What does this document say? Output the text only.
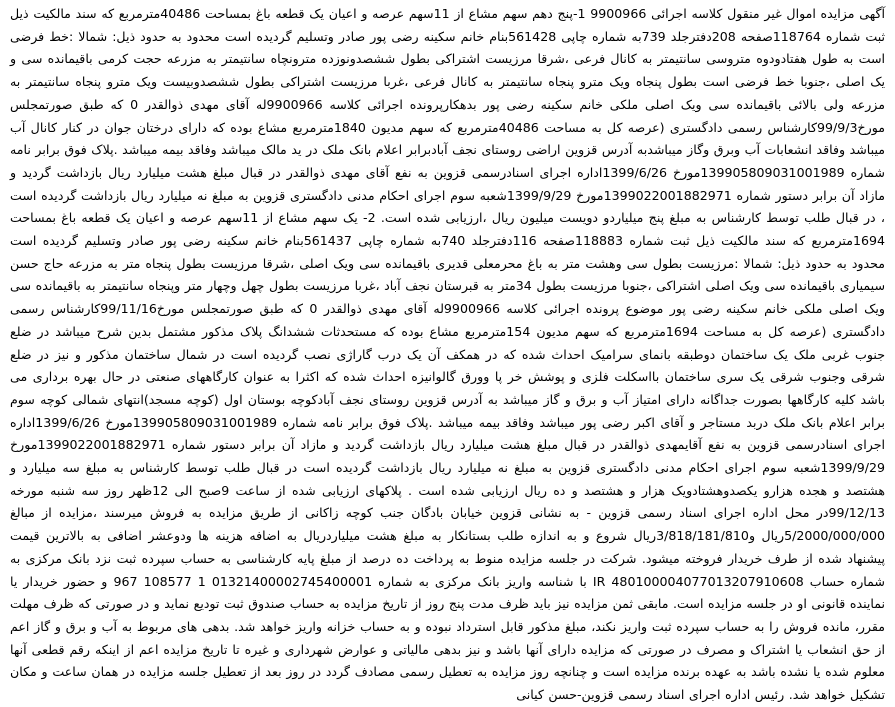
آگهی مزایده اموال غیر منقول کلاسه اجرائی 9900966 1-پنج دهم سهم مشاع از 11سهم عرصه و اعیان یک قطعه باغ بمساحت 40486مترمربع که سند مالکیت ذیل ثبت شماره 118764صفحه 208دفترجلد 739به شماره چاپی 561428بنام خانم سکینه رضی پور صادر وتسلیم گردیده است محدود به حدود ذیل: شمالا :خط فرضی است به طول هفتادودوه متروسی سانتیمتر به کانال فرعی ،شرقا مرزیست اشتراکی بطول ششصدونوزده مترونچاه سانتیمتر به مزرعه حجت کرمی باقیمانده سی و یک اصلی ،جنوبا خط فرضی است بطول پنجاه ویک مترو پنجاه سانتیمتر به کانال فرعی ،غربا مرزیست اشتراکی بطول ششصدوبیست ویک مترو پنجاه سانتیمتر به مزرعه ولی بالائی باقیمانده سی ویک اصلی ملکی خانم سکینه رضی پور بدهکارپرونده اجرائی کلاسه 9900966له آقای مهدی ذوالقدر 0 که طبق صورتمجلس مورخ99/9/3کارشناس رسمی دادگستری (عرصه کل به مساحت 40486مترمربع که سهم مدیون 1840مترمربع مشاع بوده که دارای درختان جوان در کنار کانال آب میباشد وفاقد انشعابات آب وبرق وگاز میباشدبه آدرس قزوین اراضی روستای نجف آبادبرابر اعلام بانک ملک در ید مالک میباشد وفاقد بیمه میباشد .پلاک فوق برابر نامه شماره 13990580903100198​9مورخ 1399/6/26اداره اجرای اسنادرسمی قزوین به نفع آقای مهدی ذوالقدر در قبال مبلغ هشت میلیارد ریال بازداشت گردید و مازاد آن برابر دستور شماره 13990220018829​71مورخ 1399/9/29شعبه سوم اجرای احکام مدنی دادگستری قزوین به مبلغ نه میلیارد ریال بازداشت گردیده است ، در قبال طلب توسط کارشناس به مبلغ پنج میلیاردو دویست میلیون ریال ،ارزیابی شده است. 2- یک سهم مشاع از 11سهم عرصه و اعیان یک قطعه باغ بمساحت 1694مترمربع که سند مالکیت ذیل ثبت شماره 118883صفحه 116دفترجلد 740به شماره چاپی 561437بنام خانم سکینه رضی پور صادر وتسلیم گردیده است محدود به حدود ذیل: شمالا :مرزیست بطول سی وهشت متر به باغ محرمعلی قدیری باقیمانده سی ویک اصلی ،شرقا مرزیست بطول پنجاه متر به مزرعه حاج حسن سیمیاری باقیمانده سی ویک اصلی اشتراکی ،جنوبا مرزیست بطول 34متر به قبرستان نجف آباد ،غربا مرزیست بطول چهل وچهار متر وپنجاه سانتیمتر به باقیمانده سی ویک اصلی ملکی خانم سکینه رضی پور موضوع پرونده اجرائی کلاسه 9900966له آقای مهدی ذوالقدر 0 که طبق صورتمجلس مورخ99/11/16کارشناس رسمی دادگستری (عرصه کل به مساحت 1694مترمربع که سهم مدیون 154مترمربع مشاع بوده که مستحدثات ششدانگ پلاک مذکور مشتمل بدین شرح میباشد در ضلع جنوب غربی ملک یک ساختمان دوطبقه بانمای سرامیک احداث شده که در همکف آن یک درب گاراژی نصب گردیده است در شمال ساختمان مذکور و نیز در ضلع شرقی وجنوب شرقی یک سری ساختمان بااسکلت فلزی و پوشش خر پا وورق گالوانیزه احداث شده که اکثرا به عنوان کارگاههای صنعتی در حال بهره برداری می باشد کلیه کارگاهها بصورت جداگانه دارای امتیاز آب و برق و گاز میباشد به آدرس قزوین روستای نجف آبادکوچه بوستان اول (کوچه مسجد)انتهای شمالی کوچه سوم برابر اعلام بانک ملک دربد مستاجر و آقای اکبر رضی پور میباشد وفاقد بیمه میباشد .پلاک فوق برابر نامه شماره 13990580903100198​9مورخ 1399/6/26اداره اجرای اسنادرسمی قزوین به نفع آقایمهدی ذوالقدر در قبال مبلغ هشت میلیارد ریال بازداشت گردید و مازاد آن برابر دستور شماره 13990220018829​71مورخ 1399/9/29شعبه سوم اجرای احکام مدنی دادگستری قزوین به مبلغ نه میلیارد ریال بازداشت گردیده است در قبال طلب توسط کارشناس به مبلغ سه میلیارد و هشتصد و هجده هزارو یکصدوهشتادویک هزار و هشتصد و ده ریال ارزیابی شده است . پلاکهای ارزیابی شده از ساعت 9صبح الی 12ظهر روز سه شنبه مورخه 99/12/13در محل اداره اجرای اسناد رسمی قزوین - به نشانی قزوین خیابان بادگان جنب کوچه زاکانی از طریق مزایده به فروش میرسند ،مزایده از مبالغ 5/2000/000/000ریال و3/818/181/810ریال شروع و به اندازه طلب بستانکار به مبلغ هشت میلیاردریال به اضافه هزینه ها ودوعشر اضافی به بالاترین قیمت پیشنهاد شده از طرف خریدار فروخته میشود. شرکت در جلسه مزایده منوط به پرداخت ده درصد از مبلغ پایه کارشناسی به حساب سپرده ثبت نزد بانک مرکزی به شماره حساب 480100004077013207910608 IR با شناسه واریز بانک مرکزی به شماره 0132140000274540000​1 1 108577 967 و حضور خریدار یا نماینده قانونی او در جلسه مزایده است. مابقی ثمن مزایده نیز باید ظرف مدت پنج روز از تاریخ مزایده به حساب صندوق ثبت تودیع نماید و در صورتی که ظرف مهلت مقرر، مانده فروش را به حساب سپرده ثبت واریز نکند، مبلغ مذکور قابل استرداد نبوده و به حساب خزانه واریز خواهد شد. بدهی های مربوط به آب و برق و گاز اعم از حق انشعاب یا اشتراک و مصرف در صورتی که مزایده دارای آنها باشد و نیز بدهی مالیاتی و عوارض شهرداری و غیره تا تاریخ مزایده اعم از اینکه رقم قطعی آنها معلوم شده یا نشده باشد به عهده برنده مزایده است و چنانچه روز مزایده به تعطیل رسمی مصادف گردد در روز بعد از تعطیل جلسه مزایده در همان ساعت و مکان تشکیل خواهد شد. رئیس اداره اجرای اسناد رسمی قزوین-حسن کیانی
